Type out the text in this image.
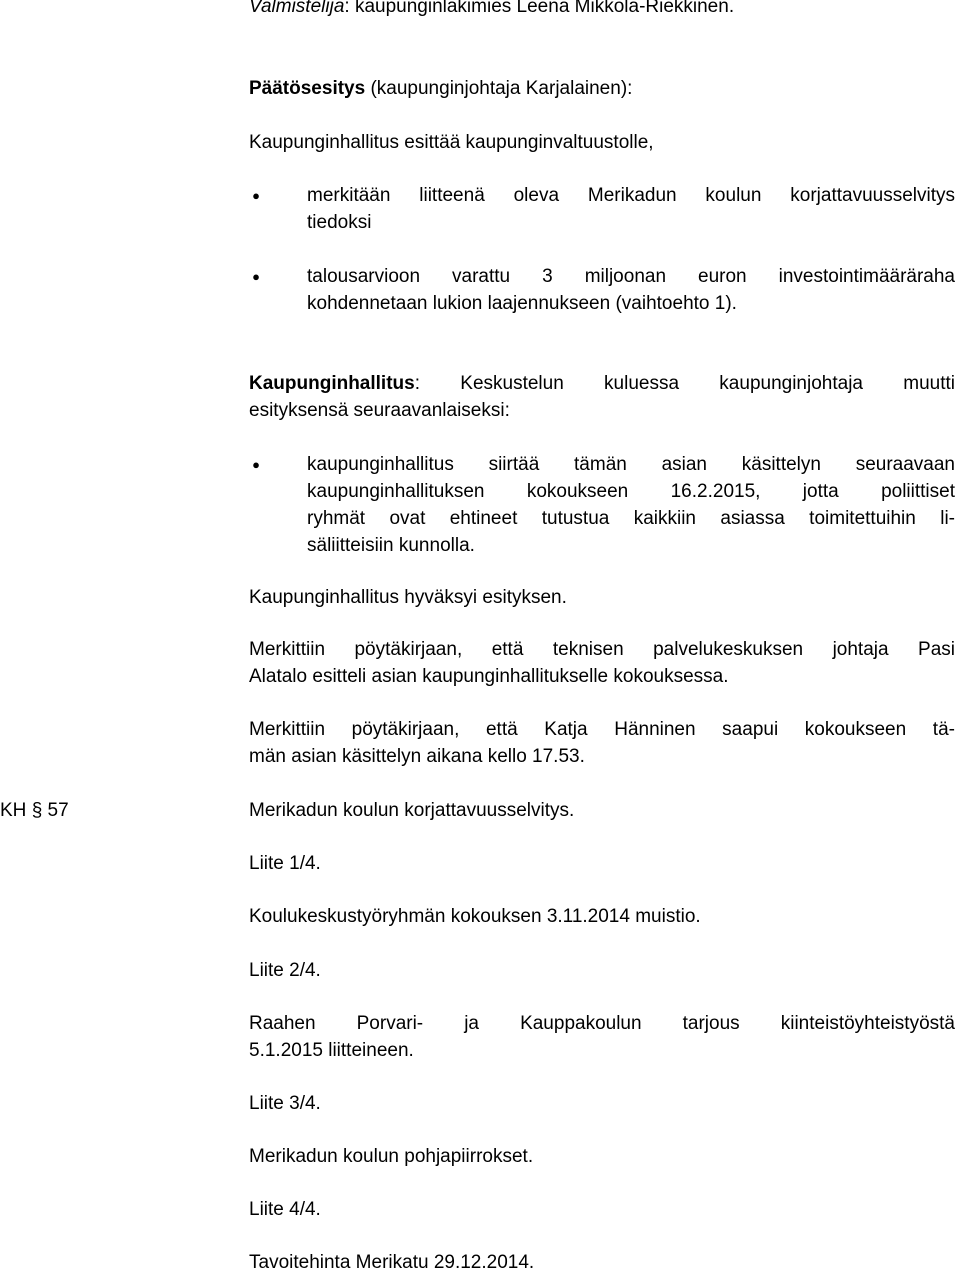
Valmistelija: kaupunginlakimies Leena Mikkola-Riekkinen.

Päätösesitys (kaupunginjohtaja Karjalainen):

Kaupunginhallitus esittää kaupunginvaltuustolle,

● merkitään liitteenä oleva Merikadun koulun korjattavuusselvitys
tiedoksi
● talousarvioon varattu 3 miljoonan euron investointimääräraha
kohdennetaan lukion laajennukseen (vaihtoehto 1).
Kaupunginhallitus: Keskustelun kuluessa kaupunginjohtaja muutti
esityksensä seuraavanlaiseksi:
● kaupunginhallitus siirtää tämän asian käsittelyn seuraavaan
kaupunginhallituksen kokoukseen 16.2.2015, jotta poliittiset
ryhmät ovat ehtineet tutustua kaikkiin asiassa toimitettuihin li-
säliitteisiin kunnolla.

Kaupunginhallitus hyväksyi esityksen.

Merkittiin pöytäkirjaan, että teknisen palvelukeskuksen johtaja Pasi
Alatalo esitteli asian kaupunginhallitukselle kokouksessa.
Merkittiin pöytäkirjaan, että Katja Hänninen saapui kokoukseen tä-
män asian käsittelyn aikana kello 17.53.
KH § 57	Merikadun koulun korjattavuusselvitys.

Liite 1/4.

Koulukeskustyöryhmän kokouksen 3.11.2014 muistio.

Liite 2/4.

Raahen Porvari- ja Kauppakoulun tarjous kiinteistöyhteistyöstä
5.1.2015 liitteineen.

Liite 3/4.

Merikadun koulun pohjapiirrokset.

Liite 4/4.

Tavoitehinta Merikatu 29.12.2014.
